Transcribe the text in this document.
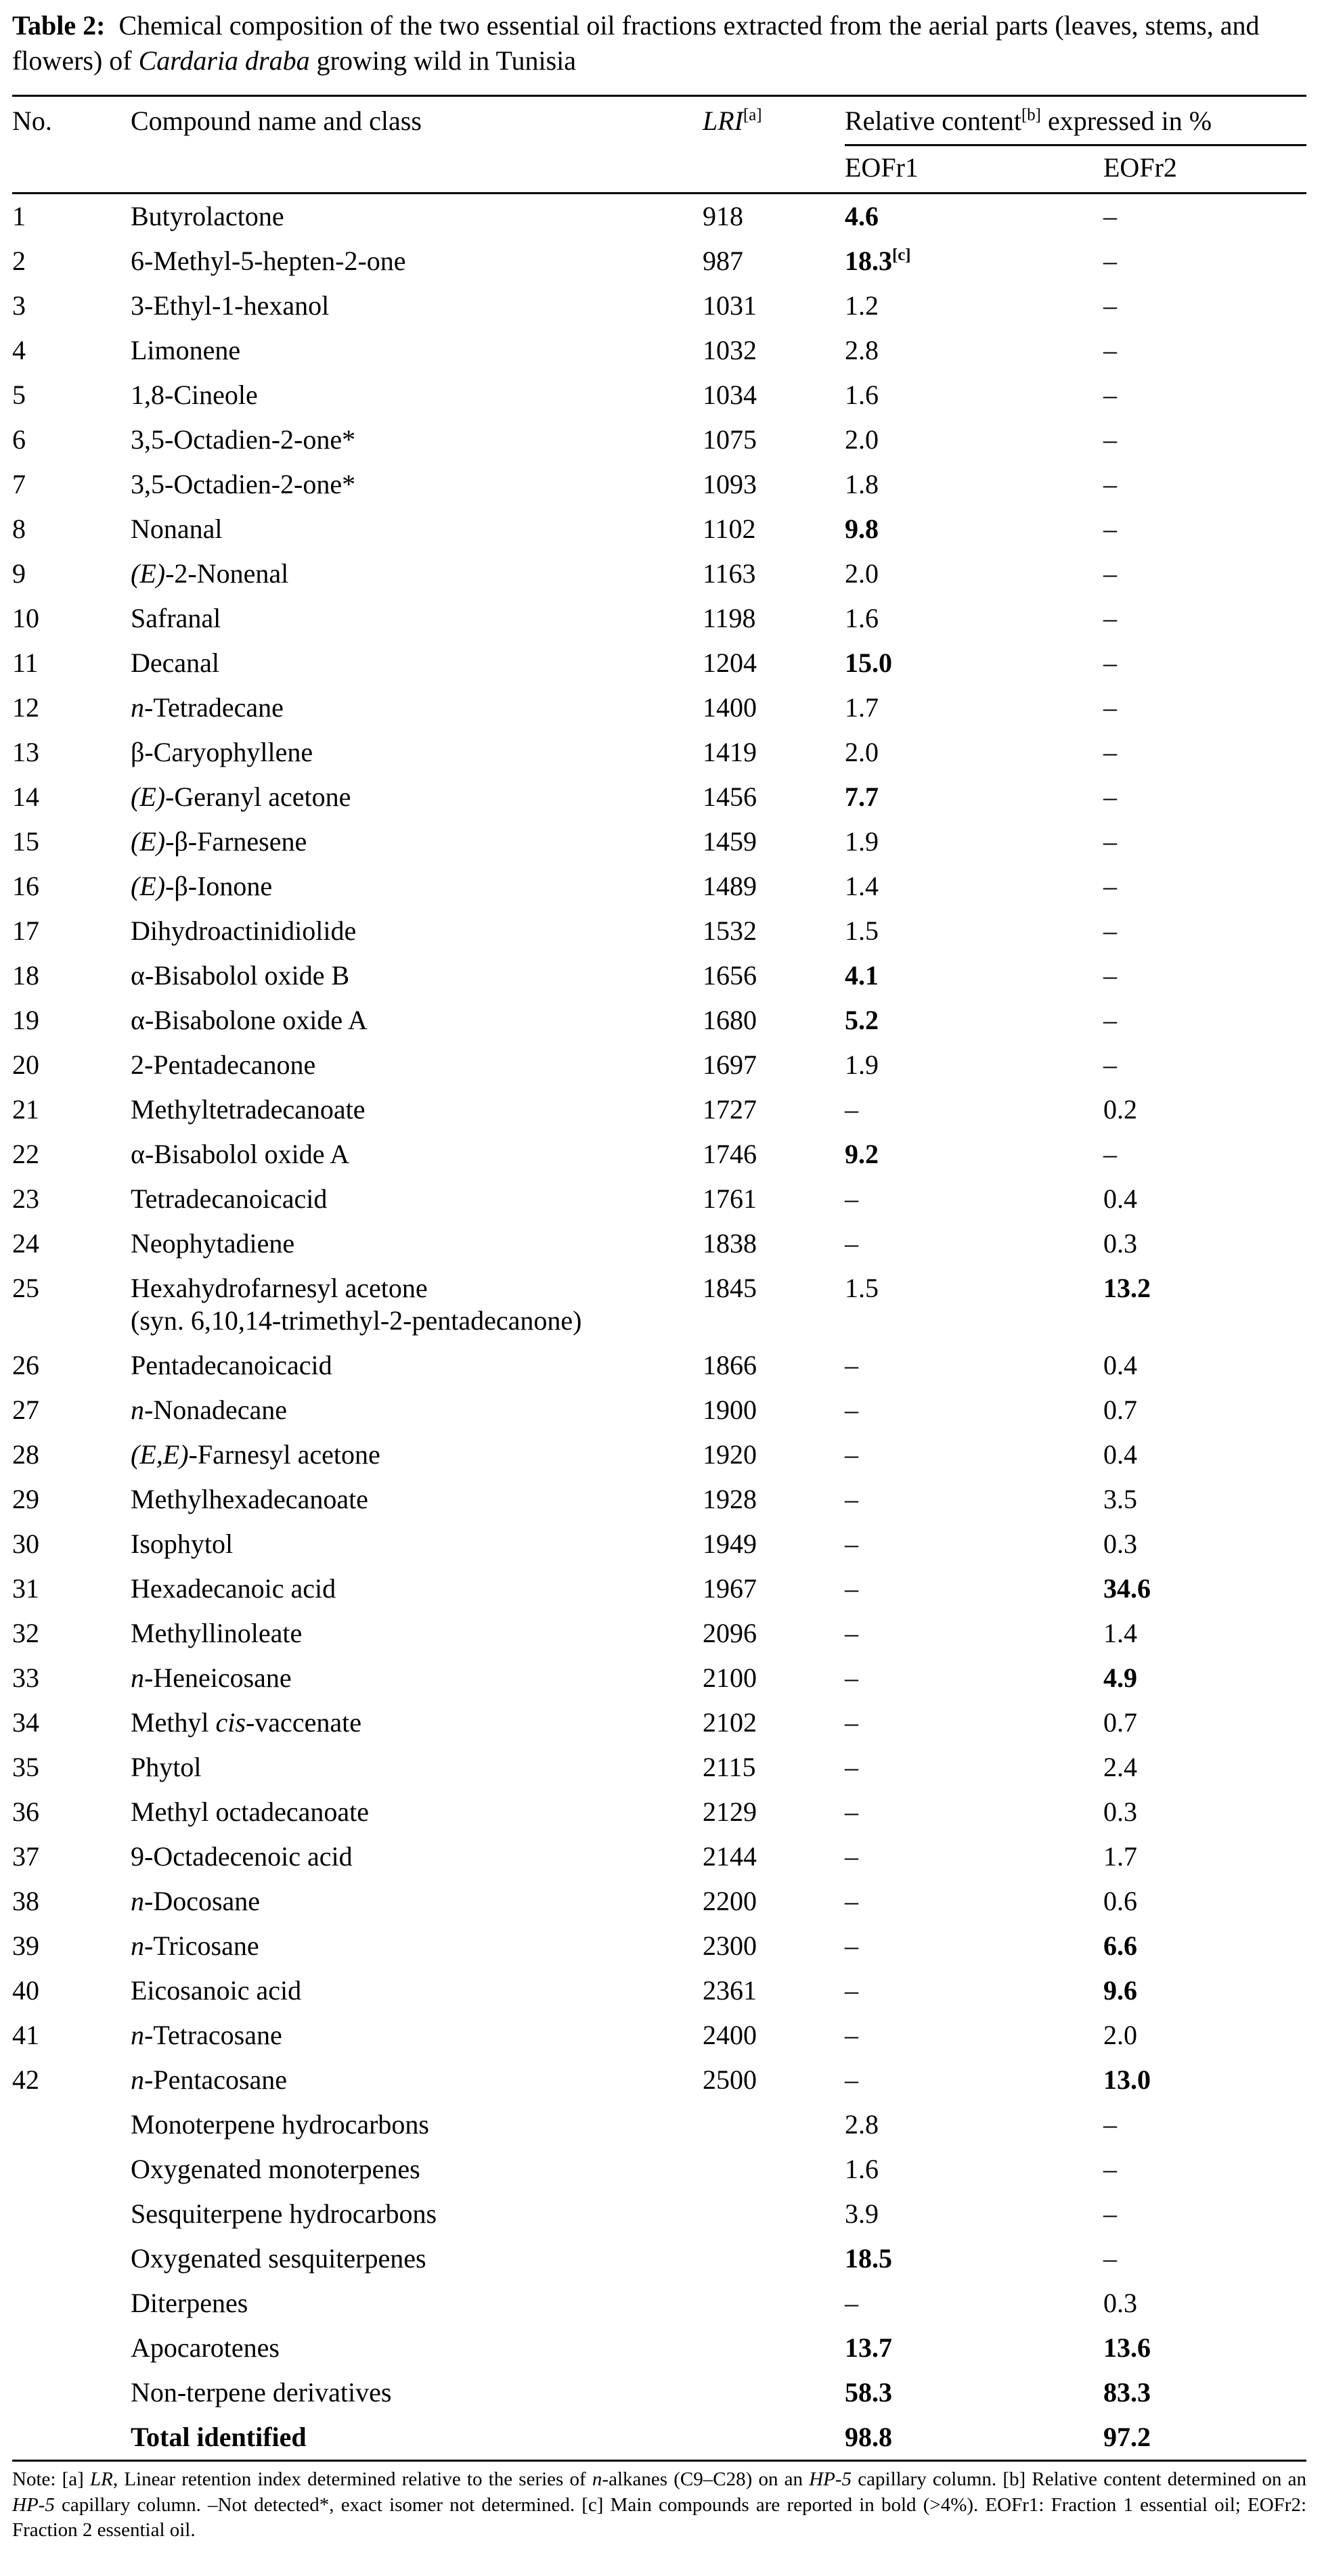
Table 2:  Chemical composition of the two essential oil fractions extracted from the aerial parts (leaves, stems, and flowers) of Cardaria draba growing wild in Tunisia

No.	Compound name and class	LRI[a]	Relative content[b] expressed in %	
			EOFr1	EOFr2
1	Butyrolactone	918	4.6	–
2	6-Methyl-5-hepten-2-one	987	18.3[c]	–
3	3-Ethyl-1-hexanol	1031	1.2	–
4	Limonene	1032	2.8	–
5	1,8-Cineole	1034	1.6	–
6	3,5-Octadien-2-one*	1075	2.0	–
7	3,5-Octadien-2-one*	1093	1.8	–
8	Nonanal	1102	9.8	–
9	(E)-2-Nonenal	1163	2.0	–
10	Safranal	1198	1.6	–
11	Decanal	1204	15.0	–
12	n-Tetradecane	1400	1.7	–
13	β-Caryophyllene	1419	2.0	–
14	(E)-Geranyl acetone	1456	7.7	–
15	(E)-β-Farnesene	1459	1.9	–
16	(E)-β-Ionone	1489	1.4	–
17	Dihydroactinidiolide	1532	1.5	–
18	α-Bisabolol oxide B	1656	4.1	–
19	α-Bisabolone oxide A	1680	5.2	–
20	2-Pentadecanone	1697	1.9	–
21	Methyltetradecanoate	1727	–	0.2
22	α-Bisabolol oxide A	1746	9.2	–
23	Tetradecanoicacid	1761	–	0.4
24	Neophytadiene	1838	–	0.3
25	Hexahydrofarnesyl acetone
(syn. 6,10,14-trimethyl-2-pentadecanone)	1845	1.5	13.2
26	Pentadecanoicacid	1866	–	0.4
27	n-Nonadecane	1900	–	0.7
28	(E,E)-Farnesyl acetone	1920	–	0.4
29	Methylhexadecanoate	1928	–	3.5
30	Isophytol	1949	–	0.3
31	Hexadecanoic acid	1967	–	34.6
32	Methyllinoleate	2096	–	1.4
33	n-Heneicosane	2100	–	4.9
34	Methyl cis-vaccenate	2102	–	0.7
35	Phytol	2115	–	2.4
36	Methyl octadecanoate	2129	–	0.3
37	9-Octadecenoic acid	2144	–	1.7
38	n-Docosane	2200	–	0.6
39	n-Tricosane	2300	–	6.6
40	Eicosanoic acid	2361	–	9.6
41	n-Tetracosane	2400	–	2.0
42	n-Pentacosane	2500	–	13.0
	Monoterpene hydrocarbons		2.8	–
	Oxygenated monoterpenes		1.6	–
	Sesquiterpene hydrocarbons		3.9	–
	Oxygenated sesquiterpenes		18.5	–
	Diterpenes		–	0.3
	Apocarotenes		13.7	13.6
	Non-terpene derivatives		58.3	83.3
	Total identified		98.8	97.2

Note: [a] LR, Linear retention index determined relative to the series of n-alkanes (C9–C28) on an HP-5 capillary column. [b] Relative content determined on an HP-5 capillary column. –Not detected*, exact isomer not determined. [c] Main compounds are reported in bold (>4%). EOFr1: Fraction 1 essential oil; EOFr2: Fraction 2 essential oil.
